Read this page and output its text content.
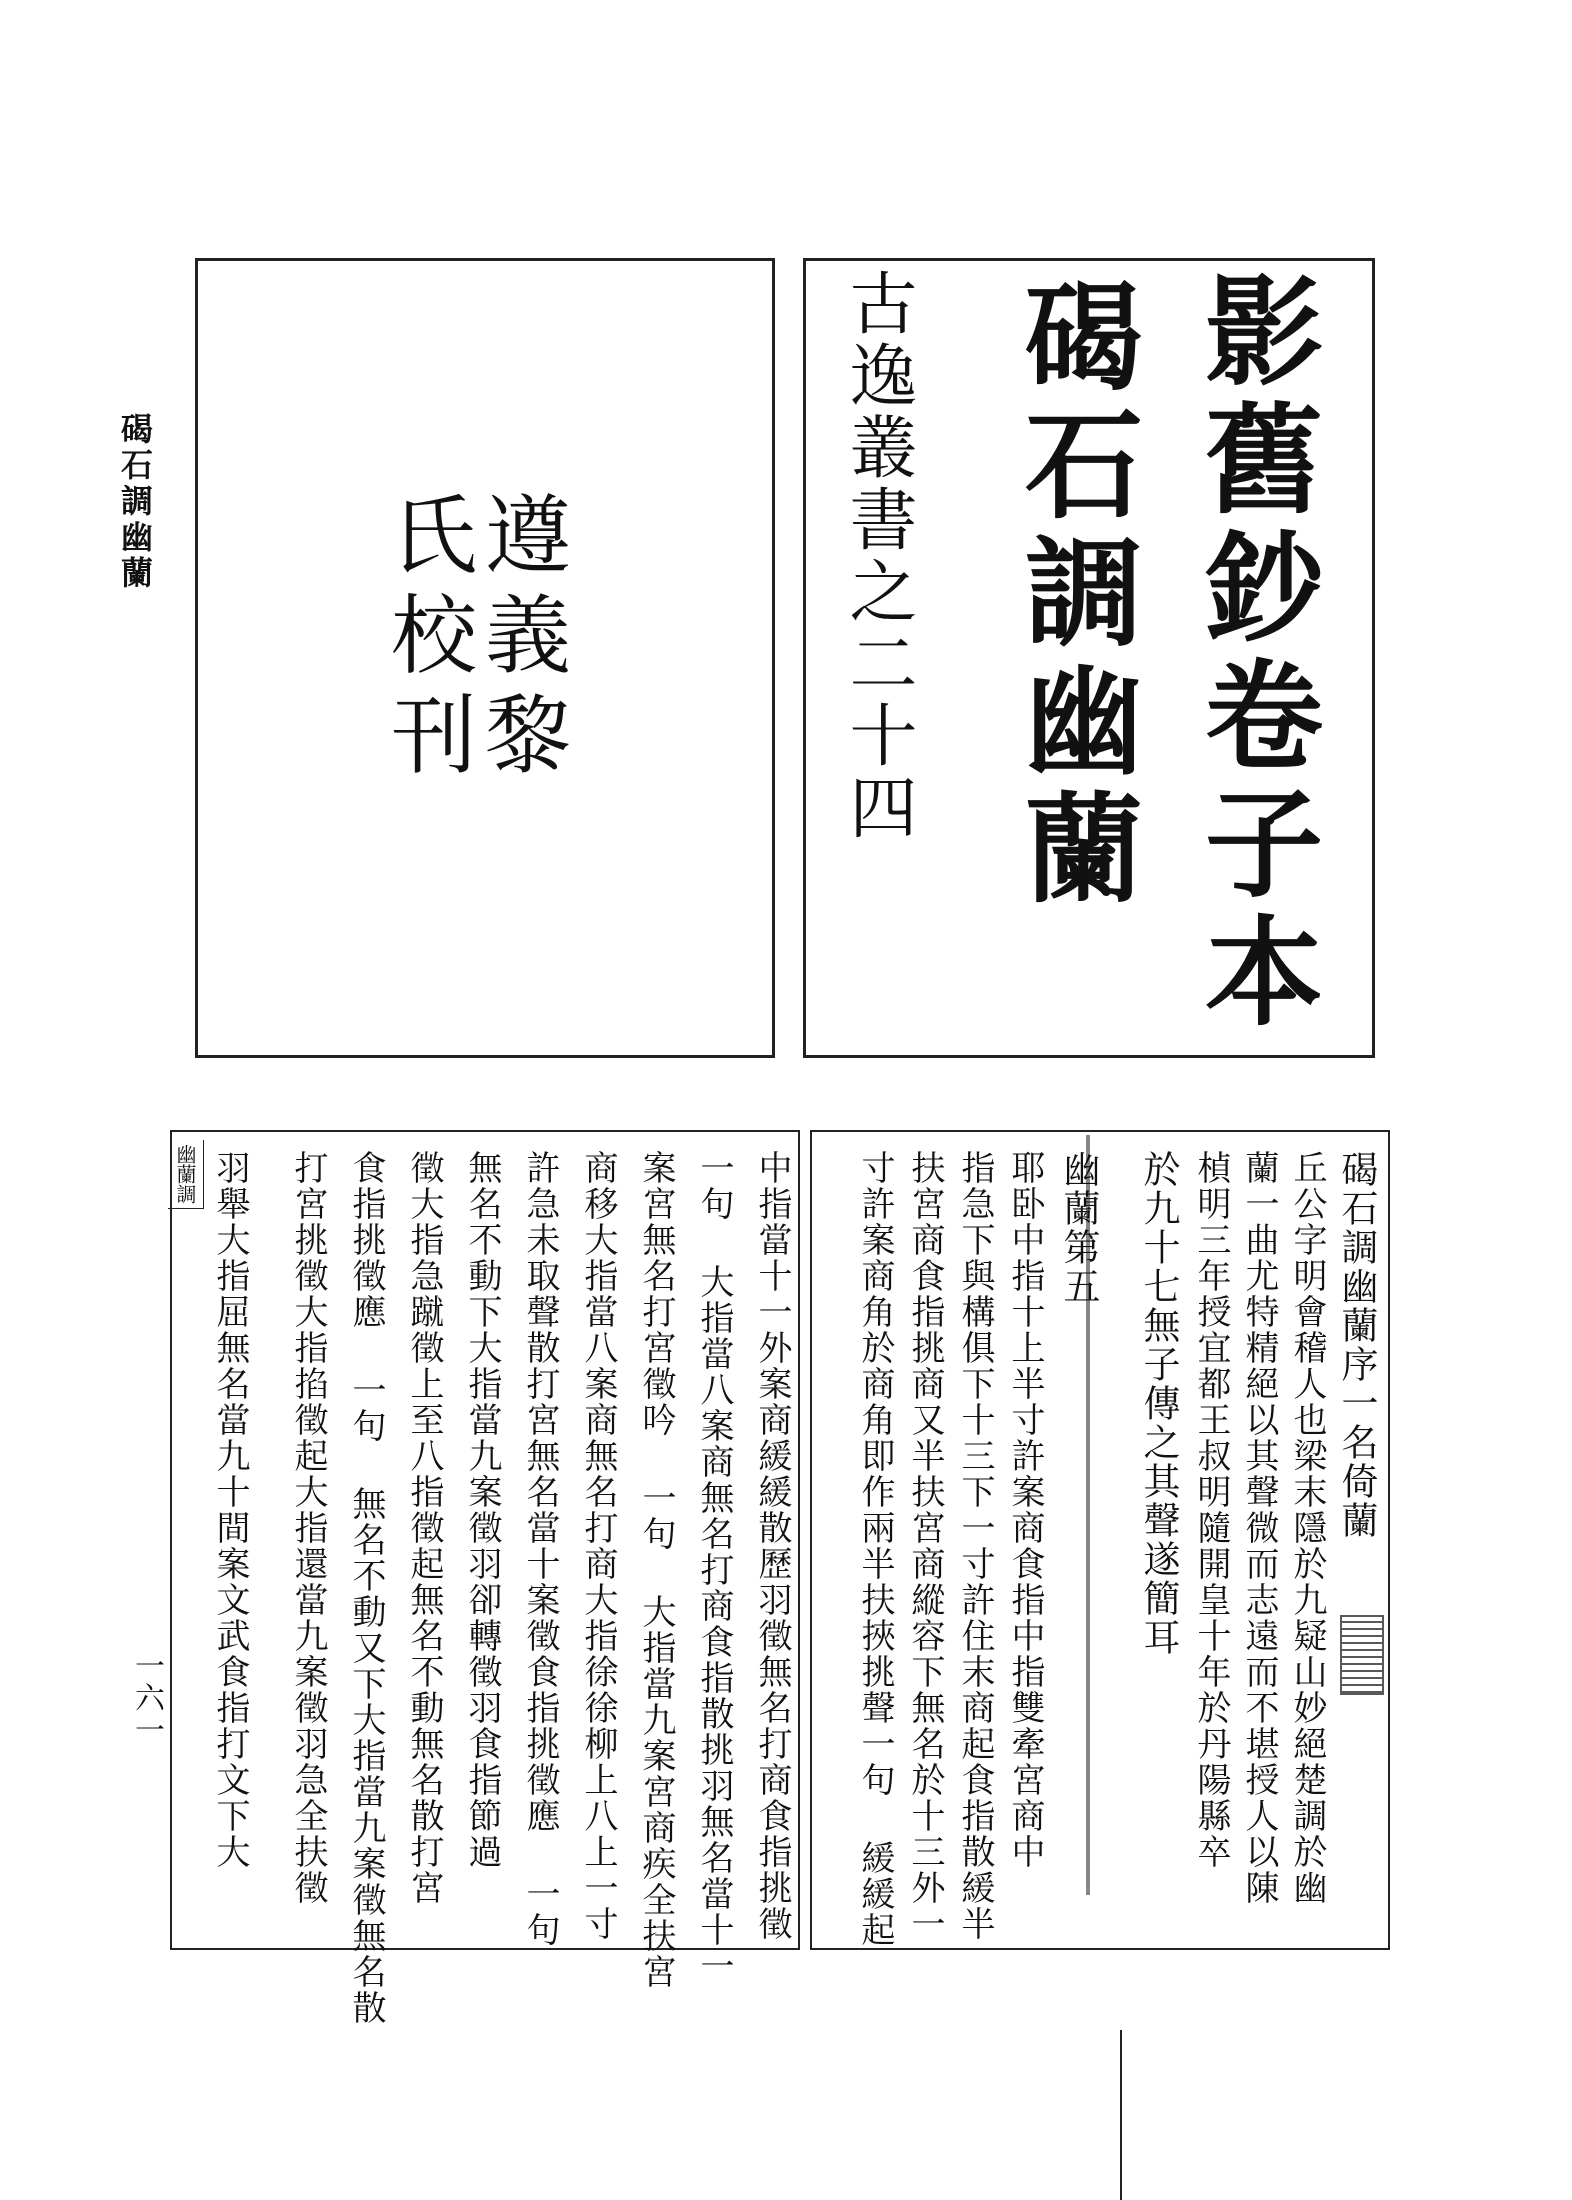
碣石調幽蘭
一六一
遵義黎
氏校刊	影舊鈔卷子本
碣石調幽蘭
古逸叢書之二十四
幽蘭調	碣石調幽蘭序一名倚蘭
丘公字明會稽人也梁末隱於九疑山妙絕楚調於幽
蘭一曲尤特精絕以其聲微而志遠而不堪授人以陳
楨明三年授宜都王叔明隨開皇十年於丹陽縣卒
於九十七無子傳之其聲遂簡耳
幽蘭第五
耶卧中指十上半寸許案商食指中指雙牽宮商中
指急下與構俱下十三下一寸許住末商起食指散緩半
扶宮商食指挑商又半扶宮商縱容下無名於十三外一
寸許案商角於商角即作兩半扶挾挑聲一句 緩緩起
中指當十一外案商緩緩散歷羽徵無名打商食指挑徵
一句 大指當八案商無名打商食指散挑羽無名當十一
案宮無名打宮徵吟 一句 大指當九案宮商疾全扶宮
商移大指當八案商無名打商大指徐徐柳上八上一寸
許急未取聲散打宮無名當十案徵食指挑徵應 一句
無名不動下大指當九案徵羽卻轉徵羽食指節過
徵大指急蹴徵上至八指徵起無名不動無名散打宮
食指挑徵應 一句 無名不動又下大指當九案徵無名散
打宮挑徵大指掐徵起大指還當九案徵羽急全扶徵
羽舉大指屈無名當九十間案文武食指打文下大
